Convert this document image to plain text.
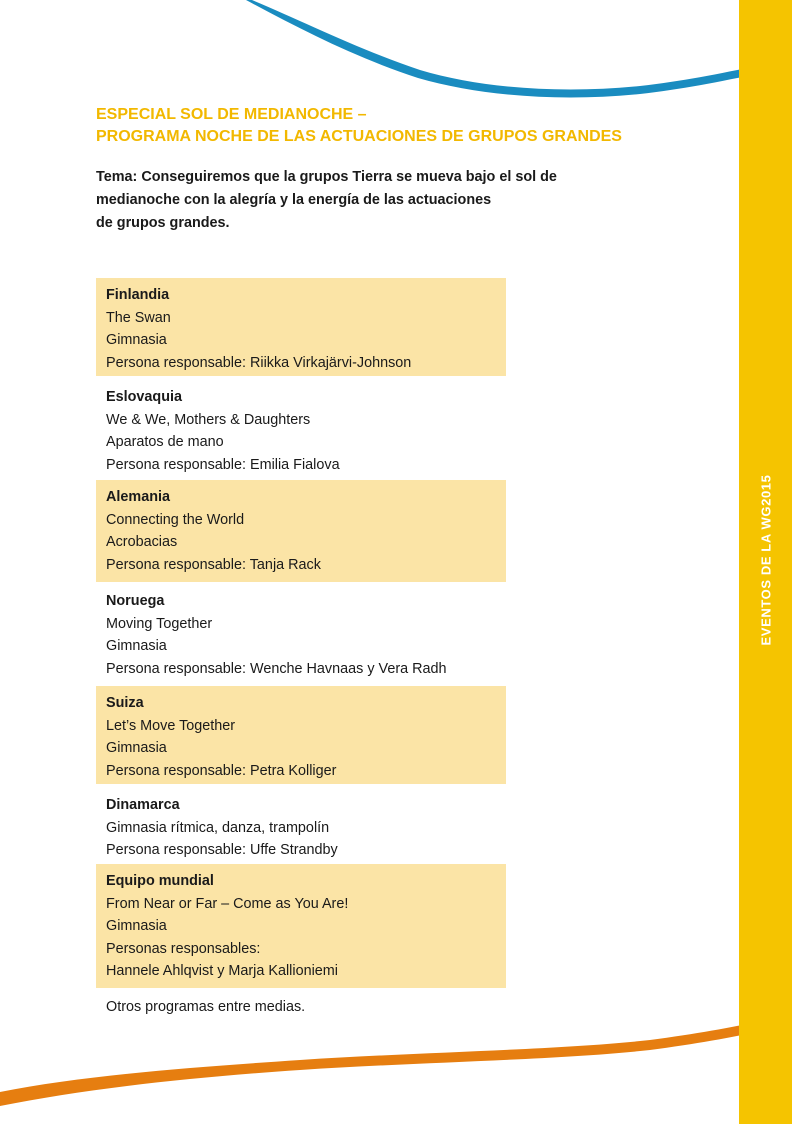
EVENTOS DE LA WG2015
ESPECIAL SOL DE MEDIANOCHE –
PROGRAMA NOCHE DE LAS ACTUACIONES DE GRUPOS GRANDES

Tema: Conseguiremos que la grupos Tierra se mueva bajo el sol de
medianoche con la alegría y la energía de las actuaciones
de grupos grandes.

Finlandia
The Swan
Gimnasia
Persona responsable: Riikka Virkajärvi-Johnson
Eslovaquia
We & We, Mothers & Daughters
Aparatos de mano
Persona responsable: Emilia Fialova
Alemania
Connecting the World
Acrobacias
Persona responsable: Tanja Rack
Noruega
Moving Together
Gimnasia
Persona responsable: Wenche Havnaas y Vera Radh
Suiza
Let’s Move Together
Gimnasia
Persona responsable: Petra Kolliger
Dinamarca
Gimnasia rítmica, danza, trampolín
Persona responsable: Uffe Strandby
Equipo mundial
From Near or Far – Come as You Are!
Gimnasia
Personas responsables:
Hannele Ahlqvist y Marja Kallioniemi
Otros programas entre medias.
